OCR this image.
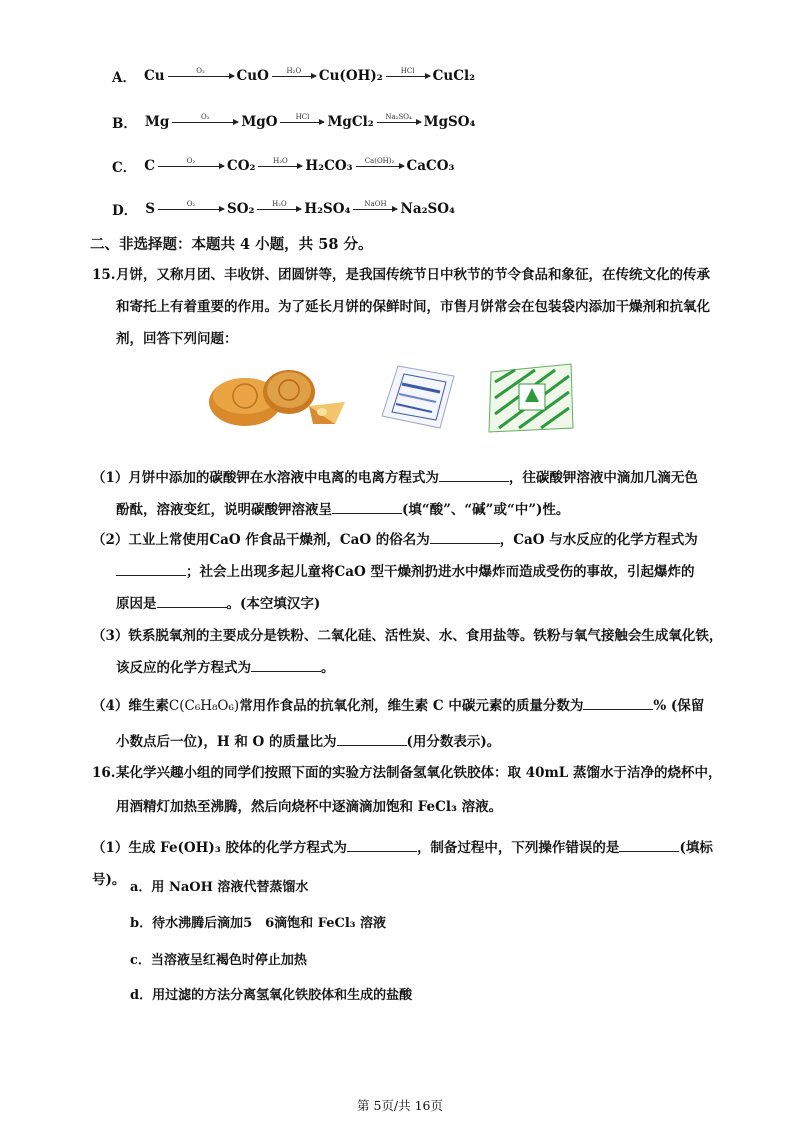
A． Cu	O₂ CuO	H₂O Cu(OH)₂	HCl CuCl₂
B． Mg	O₂ MgO	HCl MgCl₂ Na₂SO₄ MgSO₄
C． C	O₂ CO₂	H₂O H₂CO₃ Ca(OH)₂ CaCO₃
D． S	O₂ SO₂	H₂O H₂SO₄ NaOH Na₂SO₄
二、非选择题：本题共 4 小题，共 58 分。
15.月饼，又称月团、丰收饼、团圆饼等，是我国传统节日中秋节的节令食品和象征，在传统文化的传承
和寄托上有着重要的作用。为了延长月饼的保鲜时间，市售月饼常会在包装袋内添加干燥剂和抗氧化
剂，回答下列问题：
（1）月饼中添加的碳酸钾在水溶液中电离的电离方程式为	，往碳酸钾溶液中滴加几滴无色
酚酞，溶液变红，说明碳酸钾溶液呈	(填“酸”、“碱”或“中”)性。
（2）工业上常使用CaO 作食品干燥剂，CaO 的俗名为	，CaO 与水反应的化学方程式为
；社会上出现多起儿童将CaO 型干燥剂扔进水中爆炸而造成受伤的事故，引起爆炸的
原因是	。(本空填汉字)
（3）铁系脱氧剂的主要成分是铁粉、二氧化硅、活性炭、水、食用盐等。铁粉与氧气接触会生成氧化铁，
该反应的化学方程式为	。
（4）维生素C(C₆H₈O₆)常用作食品的抗氧化剂，维生素 C 中碳元素的质量分数为	% (保留
小数点后一位)，H 和 O 的质量比为	(用分数表示)。
16.某化学兴趣小组的同学们按照下面的实验方法制备氢氧化铁胶体：取 40mL 蒸馏水于洁净的烧杯中，
用酒精灯加热至沸腾，然后向烧杯中逐滴滴加饱和 FeCl₃ 溶液。
（1）生成 Fe(OH)₃ 胶体的化学方程式为	，制备过程中，下列操作错误的是	(填标号)。 a．用 NaOH 溶液代替蒸馏水
b．待水沸腾后滴加5　6滴饱和 FeCl₃ 溶液
c．当溶液呈红褐色时停止加热
d．用过滤的方法分离氢氧化铁胶体和生成的盐酸
第 5页/共 16页
